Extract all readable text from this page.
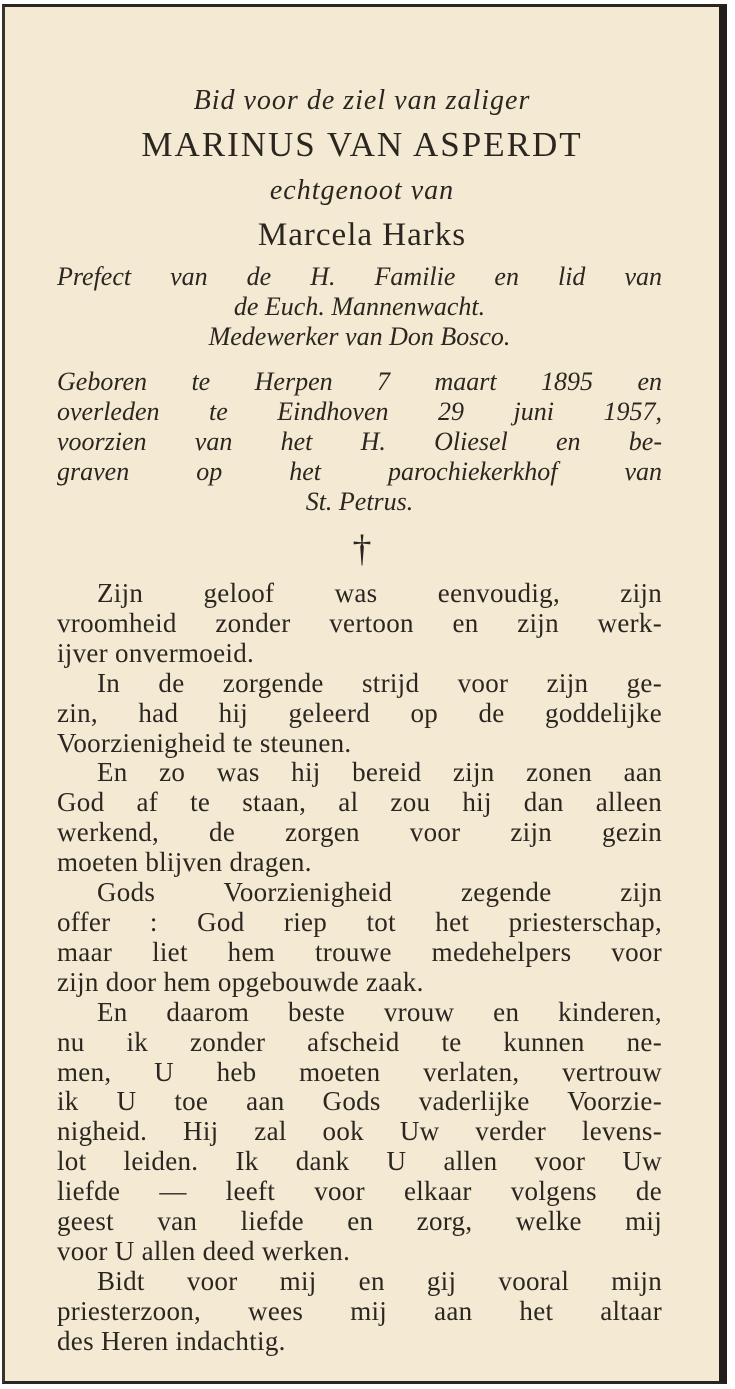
Bid voor de ziel van zaliger
MARINUS VAN ASPERDT
echtgenoot van
Marcela Harks
Prefect van de H. Familie en lid van
de Euch. Mannenwacht.
Medewerker van Don Bosco.
Geboren te Herpen 7 maart 1895 en
overleden te Eindhoven 29 juni 1957,
voorzien van het H. Oliesel en be-
graven op het parochiekerkhof van
St. Petrus.
†
Zijn geloof was eenvoudig, zijn
vroomheid zonder vertoon en zijn werk-
ijver onvermoeid.
In de zorgende strijd voor zijn ge-
zin, had hij geleerd op de goddelijke
Voorzienigheid te steunen.
En zo was hij bereid zijn zonen aan
God af te staan, al zou hij dan alleen
werkend, de zorgen voor zijn gezin
moeten blijven dragen.
Gods Voorzienigheid zegende zijn
offer : God riep tot het priesterschap,
maar liet hem trouwe medehelpers voor
zijn door hem opgebouwde zaak.
En daarom beste vrouw en kinderen,
nu ik zonder afscheid te kunnen ne-
men, U heb moeten verlaten, vertrouw
ik U toe aan Gods vaderlijke Voorzie-
nigheid. Hij zal ook Uw verder levens-
lot leiden. Ik dank U allen voor Uw
liefde — leeft voor elkaar volgens de
geest van liefde en zorg, welke mij
voor U allen deed werken.
Bidt voor mij en gij vooral mijn
priesterzoon, wees mij aan het altaar
des Heren indachtig.
